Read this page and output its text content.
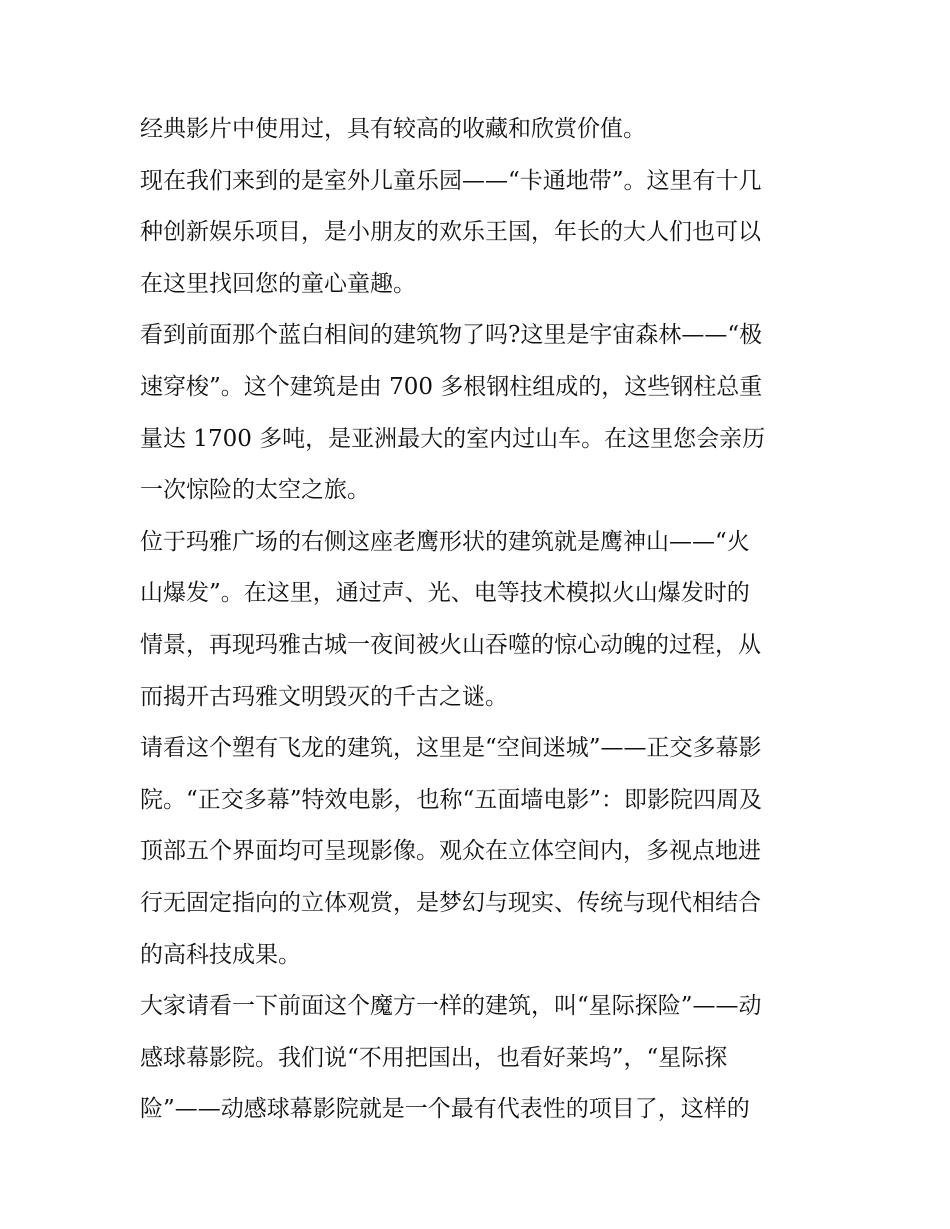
经典影片中使用过，具有较高的收藏和欣赏价值。
现在我们来到的是室外儿童乐园——“卡通地带”。这里有十几
种创新娱乐项目，是小朋友的欢乐王国，年长的大人们也可以
在这里找回您的童心童趣。
看到前面那个蓝白相间的建筑物了吗?这里是宇宙森林——“极
速穿梭”。这个建筑是由 700 多根钢柱组成的，这些钢柱总重
量达 1700 多吨，是亚洲最大的室内过山车。在这里您会亲历
一次惊险的太空之旅。
位于玛雅广场的右侧这座老鹰形状的建筑就是鹰神山——“火
山爆发”。在这里，通过声、光、电等技术模拟火山爆发时的
情景，再现玛雅古城一夜间被火山吞噬的惊心动魄的过程，从
而揭开古玛雅文明毁灭的千古之谜。
请看这个塑有飞龙的建筑，这里是“空间迷城”——正交多幕影
院。“正交多幕”特效电影，也称“五面墙电影”：即影院四周及
顶部五个界面均可呈现影像。观众在立体空间内，多视点地进
行无固定指向的立体观赏，是梦幻与现实、传统与现代相结合
的高科技成果。
大家请看一下前面这个魔方一样的建筑，叫“星际探险”——动
感球幕影院。我们说“不用把国出，也看好莱坞”，“星际探
险”——动感球幕影院就是一个最有代表性的项目了，这样的
